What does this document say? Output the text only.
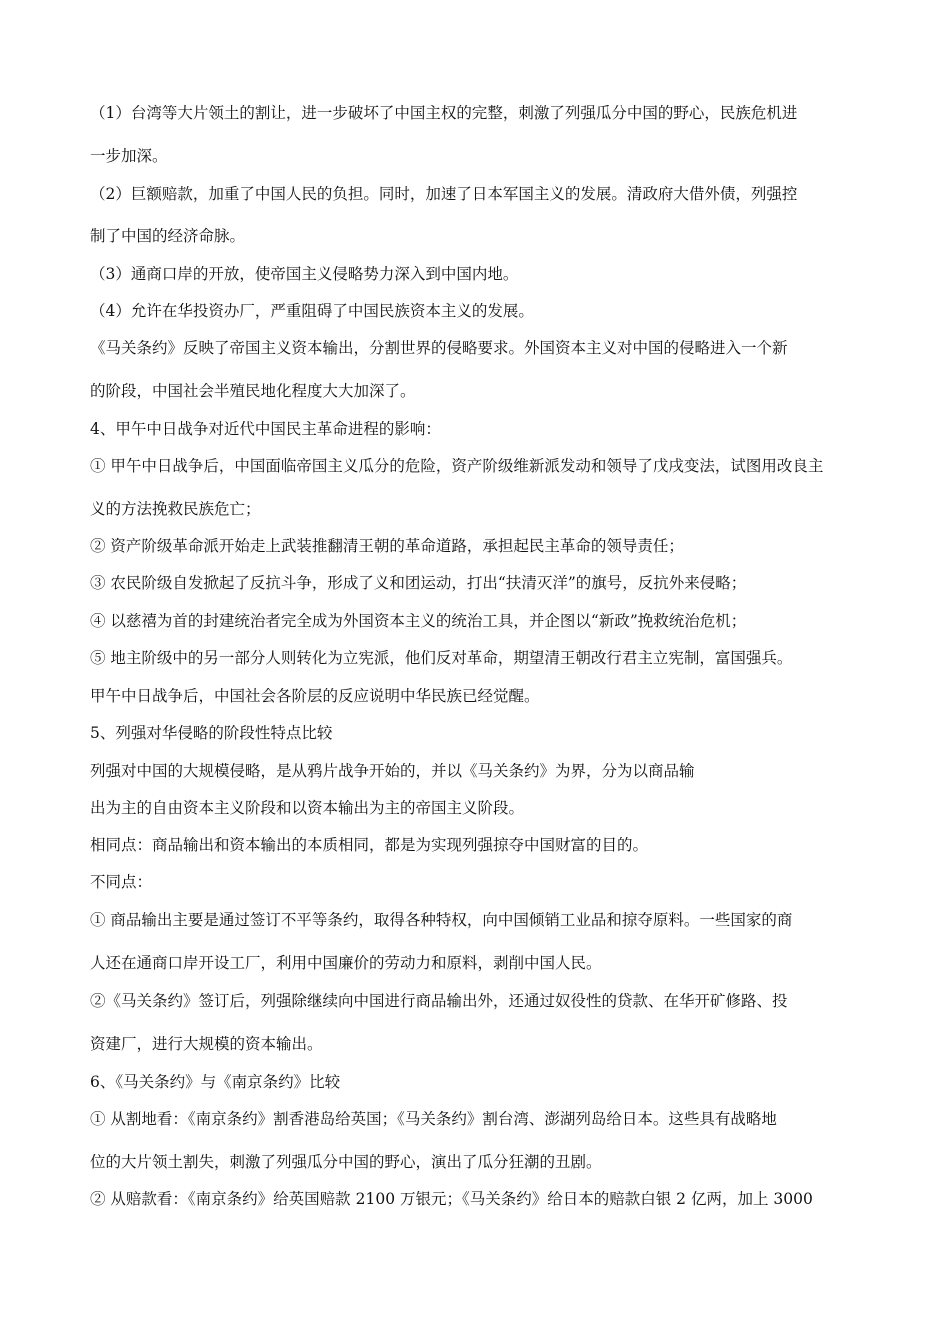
（1）台湾等大片领土的割让，进一步破坏了中国主权的完整，刺激了列强瓜分中国的野心，民族危机进
一步加深。
（2）巨额赔款，加重了中国人民的负担。同时，加速了日本军国主义的发展。清政府大借外债，列强控
制了中国的经济命脉。
（3）通商口岸的开放，使帝国主义侵略势力深入到中国内地。
（4）允许在华投资办厂，严重阻碍了中国民族资本主义的发展。
《马关条约》反映了帝国主义资本输出，分割世界的侵略要求。外国资本主义对中国的侵略进入一个新
的阶段，中国社会半殖民地化程度大大加深了。
4、甲午中日战争对近代中国民主革命进程的影响：
① 甲午中日战争后，中国面临帝国主义瓜分的危险，资产阶级维新派发动和领导了戊戌变法，试图用改良主
义的方法挽救民族危亡；
② 资产阶级革命派开始走上武装推翻清王朝的革命道路，承担起民主革命的领导责任；
③ 农民阶级自发掀起了反抗斗争，形成了义和团运动，打出“扶清灭洋”的旗号，反抗外来侵略；
④ 以慈禧为首的封建统治者完全成为外国资本主义的统治工具，并企图以“新政”挽救统治危机；
⑤ 地主阶级中的另一部分人则转化为立宪派，他们反对革命，期望清王朝改行君主立宪制，富国强兵。
甲午中日战争后，中国社会各阶层的反应说明中华民族已经觉醒。
5、列强对华侵略的阶段性特点比较
列强对中国的大规模侵略，是从鸦片战争开始的，并以《马关条约》为界，分为以商品输
出为主的自由资本主义阶段和以资本输出为主的帝国主义阶段。
相同点：商品输出和资本输出的本质相同，都是为实现列强掠夺中国财富的目的。
不同点：
① 商品输出主要是通过签订不平等条约，取得各种特权，向中国倾销工业品和掠夺原料。一些国家的商
人还在通商口岸开设工厂，利用中国廉价的劳动力和原料，剥削中国人民。
②《马关条约》签订后，列强除继续向中国进行商品输出外，还通过奴役性的贷款、在华开矿修路、投
资建厂，进行大规模的资本输出。
6、《马关条约》与《南京条约》比较
① 从割地看：《南京条约》割香港岛给英国；《马关条约》割台湾、澎湖列岛给日本。这些具有战略地
位的大片领土割失，刺激了列强瓜分中国的野心，演出了瓜分狂潮的丑剧。
② 从赔款看：《南京条约》给英国赔款 2100 万银元；《马关条约》给日本的赔款白银 2 亿两，加上 3000
